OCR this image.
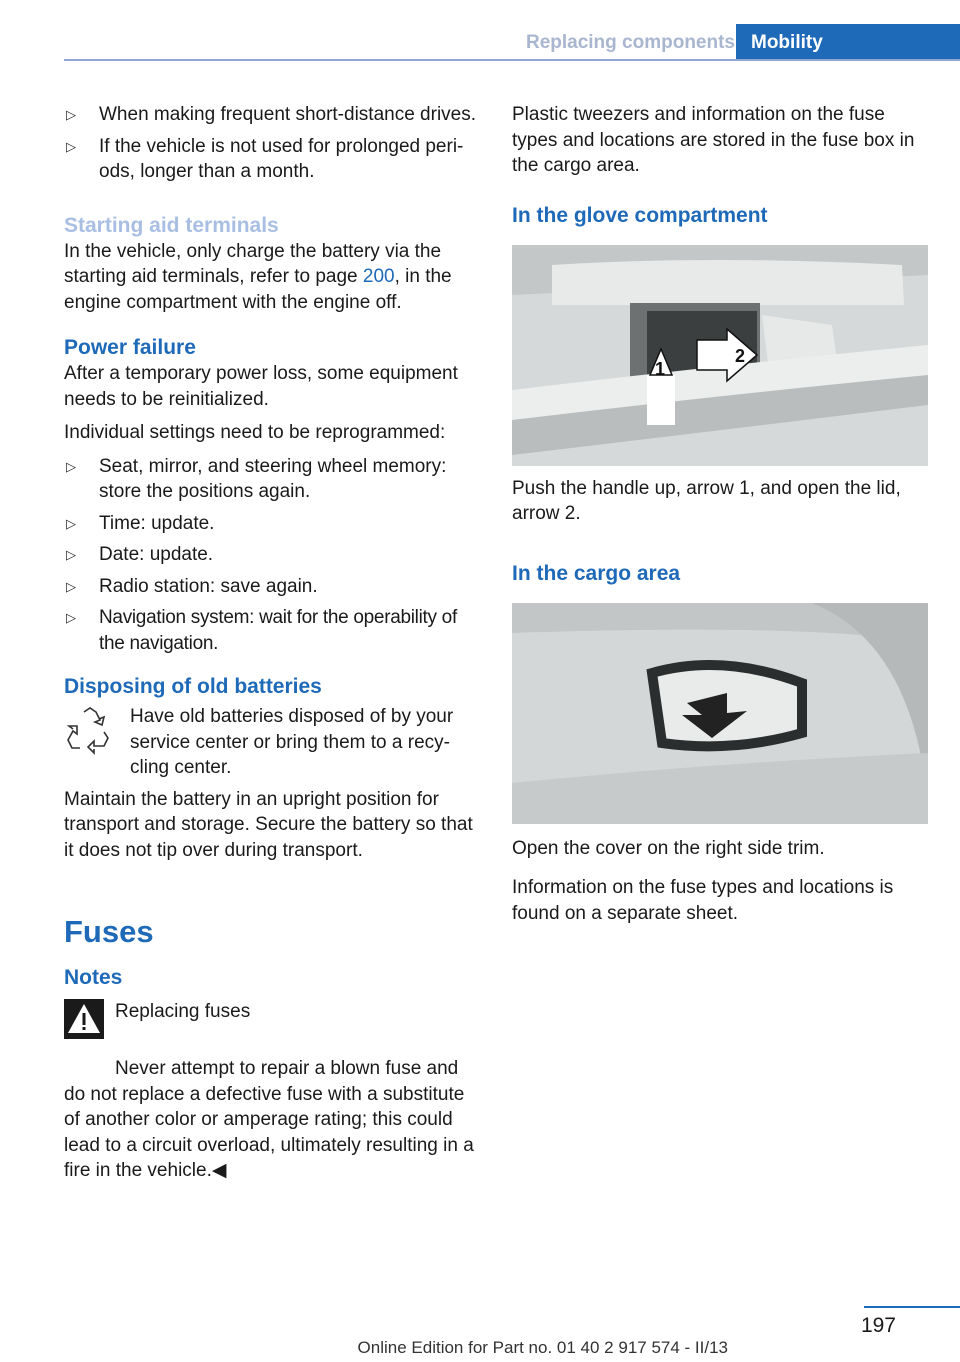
Replacing components Mobility
▷ When making frequent short-distance drives.
▷ If the vehicle is not used for prolonged peri-ods, longer than a month.
Starting aid terminals

In the vehicle, only charge the battery via the starting aid terminals, refer to page 200, in the engine compartment with the engine off.

Power failure

After a temporary power loss, some equipment needs to be reinitialized.

Individual settings need to be reprogrammed:

▷ Seat, mirror, and steering wheel memory: store the positions again.
▷ Time: update.
▷ Date: update.
▷ Radio station: save again.
▷ Navigation system: wait for the operability of the navigation.
Disposing of old batteries

Have old batteries disposed of by your service center or bring them to a recy-cling center.

Maintain the battery in an upright position for transport and storage. Secure the battery so that it does not tip over during transport.

Fuses
Notes

Replacing fuses

Never attempt to repair a blown fuse and do not replace a defective fuse with a substitute of another color or amperage rating; this could lead to a circuit overload, ultimately resulting in a fire in the vehicle.◀

Plastic tweezers and information on the fuse types and locations are stored in the fuse box in the cargo area.

In the glove compartment
1
2

Push the handle up, arrow 1, and open the lid, arrow 2.

In the cargo area

Open the cover on the right side trim.

Information on the fuse types and locations is found on a separate sheet.

197
Online Edition for Part no. 01 40 2 917 574 - II/13
